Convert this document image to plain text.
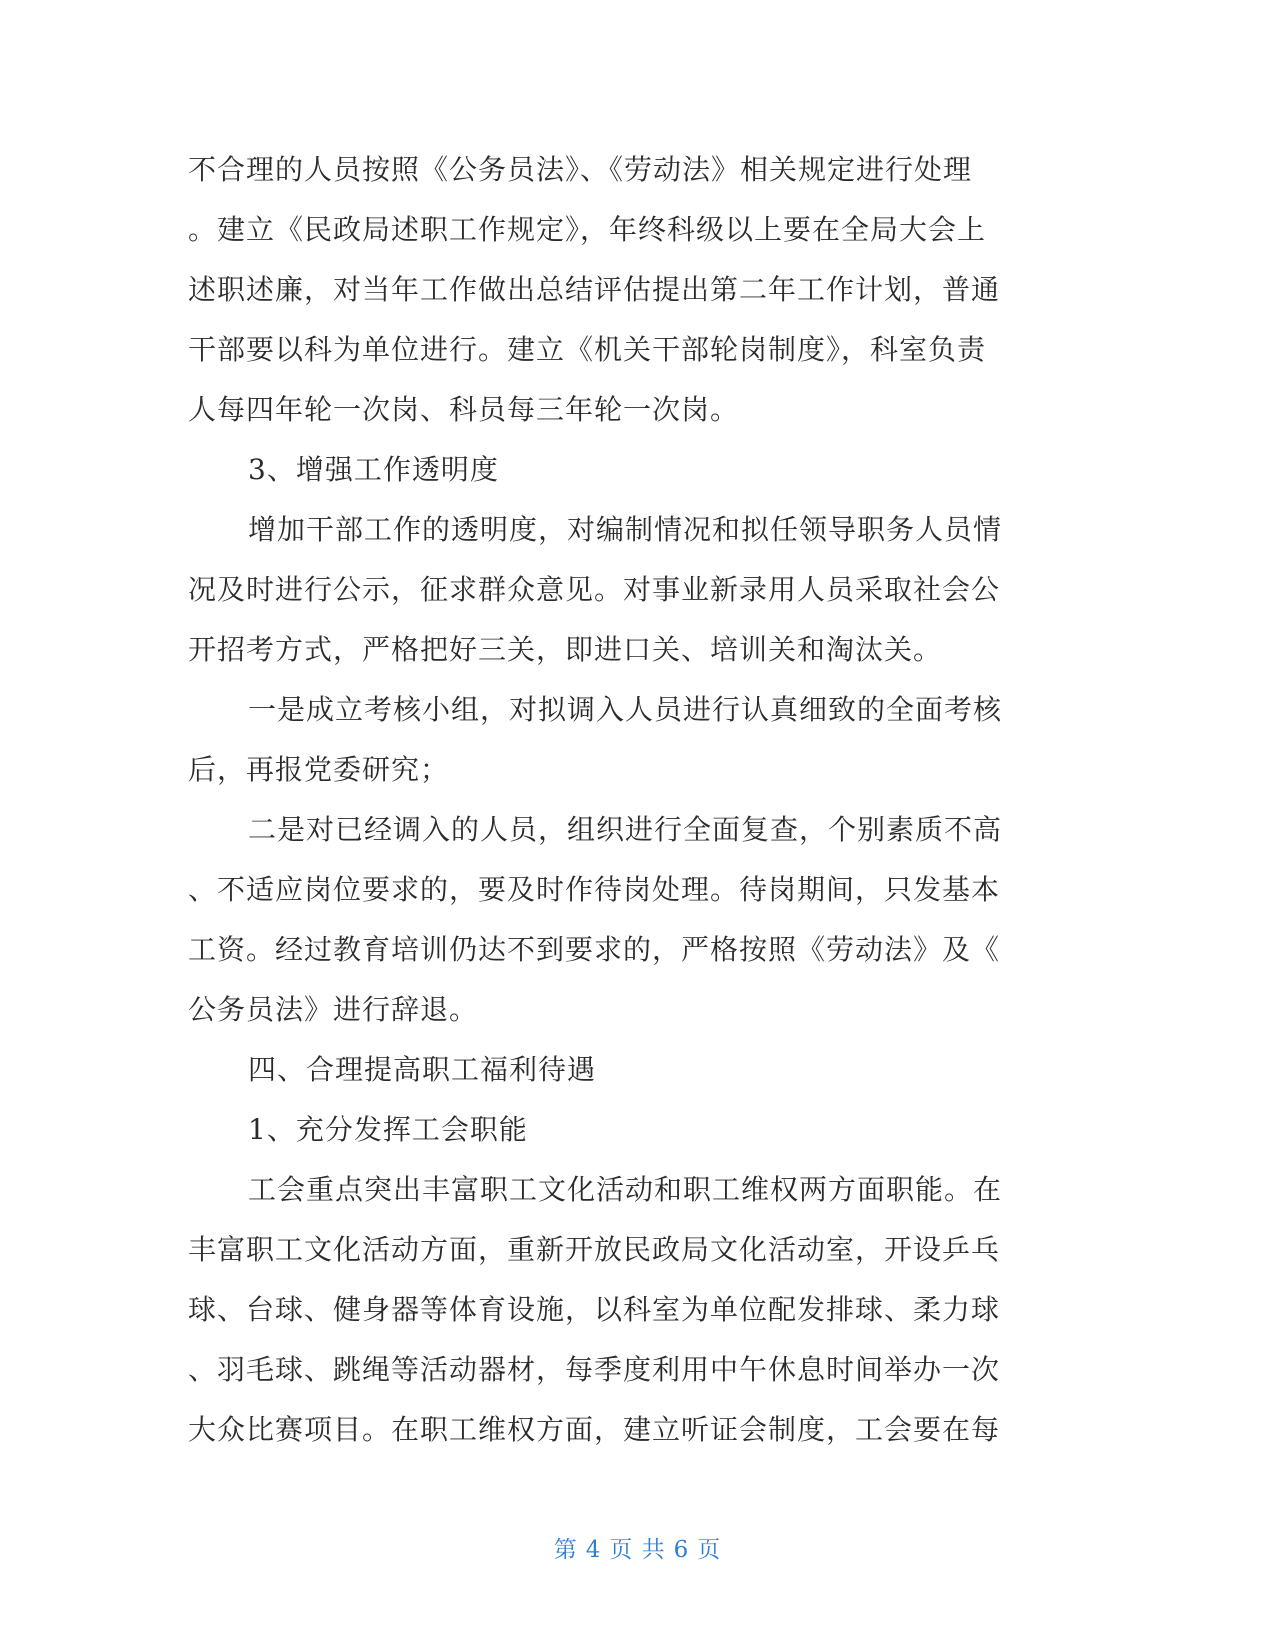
不合理的人员按照《公务员法》、《劳动法》相关规定进行处理
。建立《民政局述职工作规定》，年终科级以上要在全局大会上
述职述廉，对当年工作做出总结评估提出第二年工作计划，普通
干部要以科为单位进行。建立《机关干部轮岗制度》，科室负责
人每四年轮一次岗、科员每三年轮一次岗。
3、增强工作透明度
增加干部工作的透明度，对编制情况和拟任领导职务人员情
况及时进行公示，征求群众意见。对事业新录用人员采取社会公
开招考方式，严格把好三关，即进口关、培训关和淘汰关。
一是成立考核小组，对拟调入人员进行认真细致的全面考核
后，再报党委研究；
二是对已经调入的人员，组织进行全面复查，个别素质不高
、不适应岗位要求的，要及时作待岗处理。待岗期间，只发基本
工资。经过教育培训仍达不到要求的，严格按照《劳动法》及《
公务员法》进行辞退。
四、合理提高职工福利待遇
1、充分发挥工会职能
工会重点突出丰富职工文化活动和职工维权两方面职能。在
丰富职工文化活动方面，重新开放民政局文化活动室，开设乒乓
球、台球、健身器等体育设施，以科室为单位配发排球、柔力球
、羽毛球、跳绳等活动器材，每季度利用中午休息时间举办一次
大众比赛项目。在职工维权方面，建立听证会制度，工会要在每
第 4 页 共 6 页
